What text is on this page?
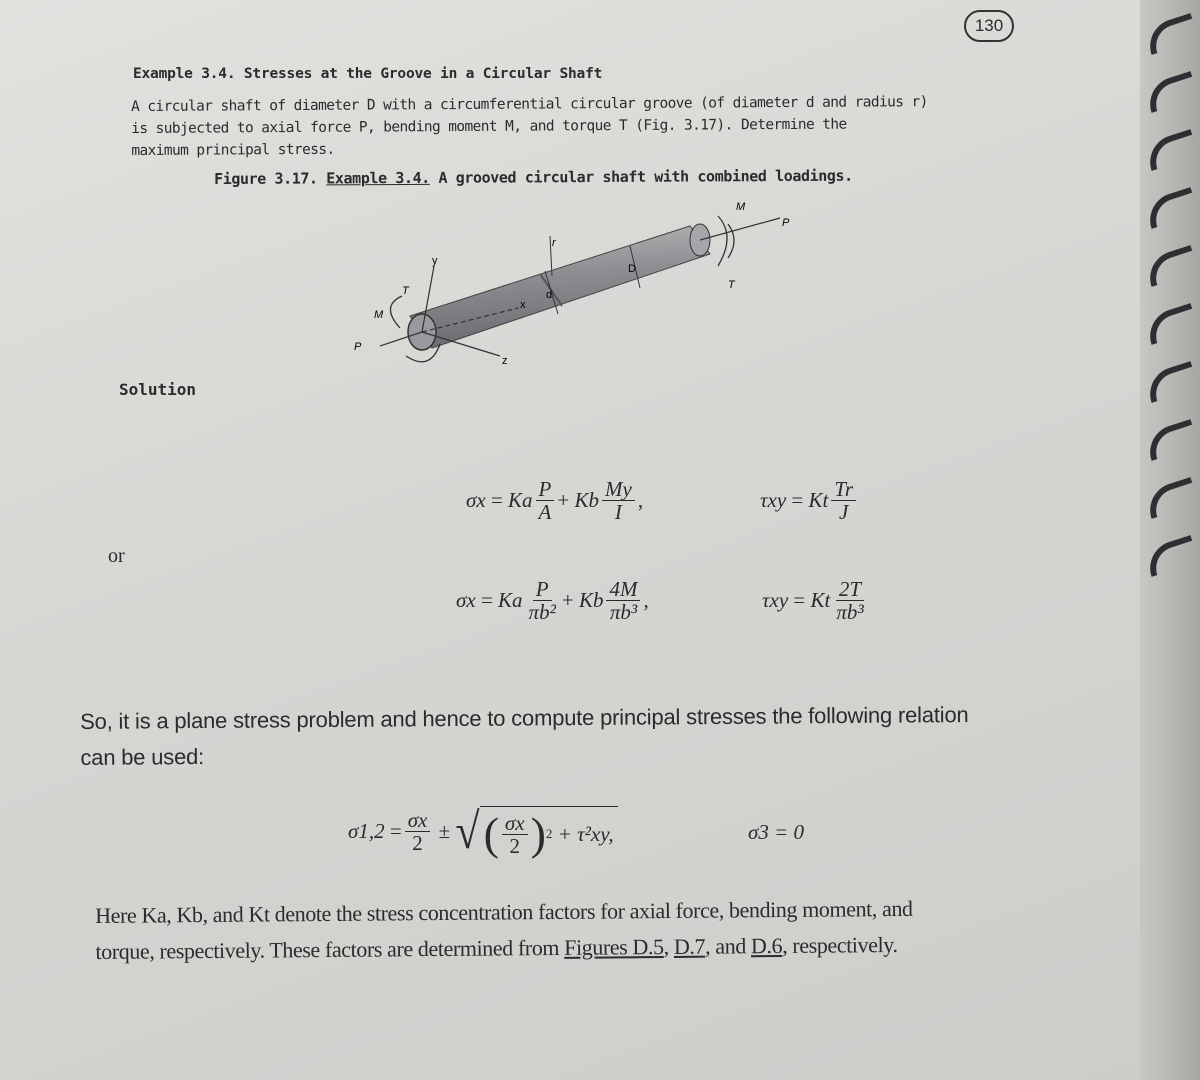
130
Example 3.4. Stresses at the Groove in a Circular Shaft

A circular shaft of diameter D with a circumferential circular groove (of diameter d and radius r)

is subjected to axial force P, bending moment M, and torque T (Fig. 3.17). Determine the

maximum principal stress.

Figure 3.17. Example 3.4. A grooved circular shaft with combined loadings.
M
P
T
D
d
r
x
y
z
T
M
P
Solution
σx
=
Ka $\frac{P}{A}$ +
Kb $\frac{My}{I}$ ,	τxy
=
Kt $\frac{Tr}{J}$
or
σx
=
Ka $\frac{P}{\text{πb²}}$ +
Kb $\frac{4M}{\text{πb³}}$ ,	τxy
=
Kt $\frac{2T}{\text{πb³}}$

So, it is a plane stress problem and hence to compute principal stresses the following relation

can be used:

σ1,2
= $\frac{\sigma x}{2}$
±
√ ( $\frac{\sigma x}{2}$ ) 2
+ τ²xy,	σ3 = 0

Here Ka, Kb, and Kt denote the stress concentration factors for axial force, bending moment, and

torque, respectively. These factors are determined from Figures D.5, D.7, and D.6, respectively.
